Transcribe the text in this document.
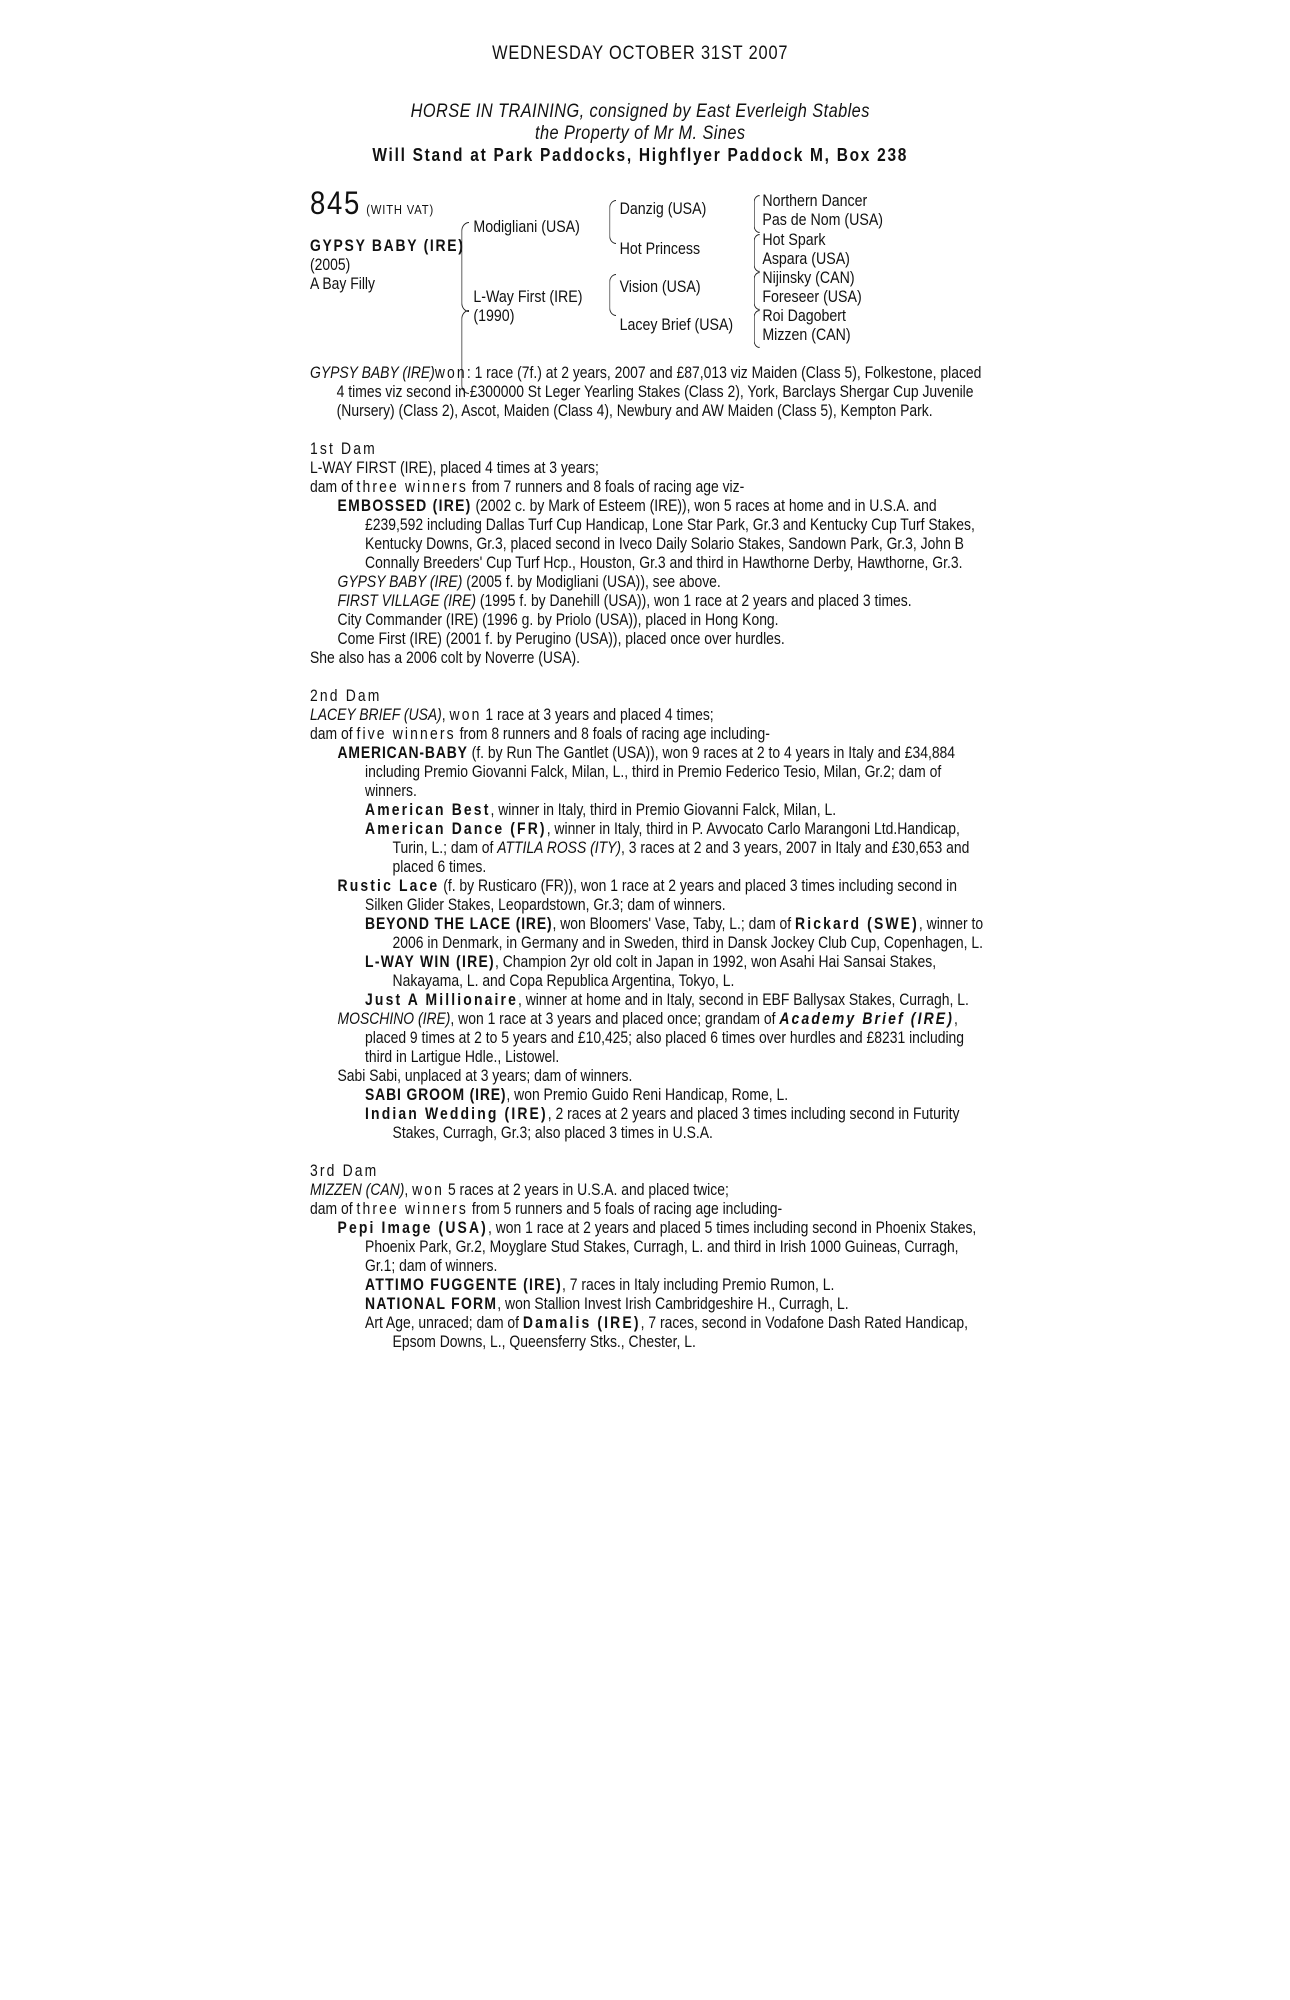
WEDNESDAY OCTOBER 31ST 2007
HORSE IN TRAINING, consigned by East Everleigh Stables
the Property of Mr M. Sines
Will Stand at Park Paddocks, Highflyer Paddock M, Box 238
845 (WITH VAT)
GYPSY BABY (IRE)
(2005)
A Bay Filly
Modigliani (USA)
L-Way First (IRE)
(1990)
Danzig (USA)
Hot Princess
Vision (USA)
Lacey Brief (USA)
Northern Dancer
Pas de Nom (USA)
Hot Spark
Aspara (USA)
Nijinsky (CAN)
Foreseer (USA)
Roi Dagobert
Mizzen (CAN)

GYPSY BABY (IRE)won: 1 race (7f.) at 2 years, 2007 and £87,013 viz Maiden (Class 5), Folkestone, placed 4 times viz second in £300000 St Leger Yearling Stakes (Class 2), York, Barclays Shergar Cup Juvenile (Nursery) (Class 2), Ascot, Maiden (Class 4), Newbury and AW Maiden (Class 5), Kempton Park.

1st Dam

L-WAY FIRST (IRE), placed 4 times at 3 years;

dam of three winners from 7 runners and 8 foals of racing age viz-

EMBOSSED (IRE) (2002 c. by Mark of Esteem (IRE)), won 5 races at home and in U.S.A. and £239,592 including Dallas Turf Cup Handicap, Lone Star Park, Gr.3 and Kentucky Cup Turf Stakes, Kentucky Downs, Gr.3, placed second in Iveco Daily Solario Stakes, Sandown Park, Gr.3, John B Connally Breeders' Cup Turf Hcp., Houston, Gr.3 and third in Hawthorne Derby, Hawthorne, Gr.3.

GYPSY BABY (IRE) (2005 f. by Modigliani (USA)), see above.

FIRST VILLAGE (IRE) (1995 f. by Danehill (USA)), won 1 race at 2 years and placed 3 times.

City Commander (IRE) (1996 g. by Priolo (USA)), placed in Hong Kong.

Come First (IRE) (2001 f. by Perugino (USA)), placed once over hurdles.

She also has a 2006 colt by Noverre (USA).

2nd Dam

LACEY BRIEF (USA), won 1 race at 3 years and placed 4 times;

dam of five winners from 8 runners and 8 foals of racing age including-

AMERICAN-BABY (f. by Run The Gantlet (USA)), won 9 races at 2 to 4 years in Italy and £34,884 including Premio Giovanni Falck, Milan, L., third in Premio Federico Tesio, Milan, Gr.2; dam of winners.

American Best, winner in Italy, third in Premio Giovanni Falck, Milan, L.

American Dance (FR), winner in Italy, third in P. Avvocato Carlo Marangoni Ltd.Handicap, Turin, L.; dam of ATTILA ROSS (ITY), 3 races at 2 and 3 years, 2007 in Italy and £30,653 and placed 6 times.

Rustic Lace (f. by Rusticaro (FR)), won 1 race at 2 years and placed 3 times including second in Silken Glider Stakes, Leopardstown, Gr.3; dam of winners.

BEYOND THE LACE (IRE), won Bloomers' Vase, Taby, L.; dam of Rickard (SWE), winner to 2006 in Denmark, in Germany and in Sweden, third in Dansk Jockey Club Cup, Copenhagen, L.

L-WAY WIN (IRE), Champion 2yr old colt in Japan in 1992, won Asahi Hai Sansai Stakes, Nakayama, L. and Copa Republica Argentina, Tokyo, L.

Just A Millionaire, winner at home and in Italy, second in EBF Ballysax Stakes, Curragh, L.

MOSCHINO (IRE), won 1 race at 3 years and placed once; grandam of Academy Brief (IRE), placed 9 times at 2 to 5 years and £10,425; also placed 6 times over hurdles and £8231 including third in Lartigue Hdle., Listowel.

Sabi Sabi, unplaced at 3 years; dam of winners.

SABI GROOM (IRE), won Premio Guido Reni Handicap, Rome, L.

Indian Wedding (IRE), 2 races at 2 years and placed 3 times including second in Futurity Stakes, Curragh, Gr.3; also placed 3 times in U.S.A.

3rd Dam

MIZZEN (CAN), won 5 races at 2 years in U.S.A. and placed twice;

dam of three winners from 5 runners and 5 foals of racing age including-

Pepi Image (USA), won 1 race at 2 years and placed 5 times including second in Phoenix Stakes, Phoenix Park, Gr.2, Moyglare Stud Stakes, Curragh, L. and third in Irish 1000 Guineas, Curragh, Gr.1; dam of winners.

ATTIMO FUGGENTE (IRE), 7 races in Italy including Premio Rumon, L.

NATIONAL FORM, won Stallion Invest Irish Cambridgeshire H., Curragh, L.

Art Age, unraced; dam of Damalis (IRE), 7 races, second in Vodafone Dash Rated Handicap, Epsom Downs, L., Queensferry Stks., Chester, L.
